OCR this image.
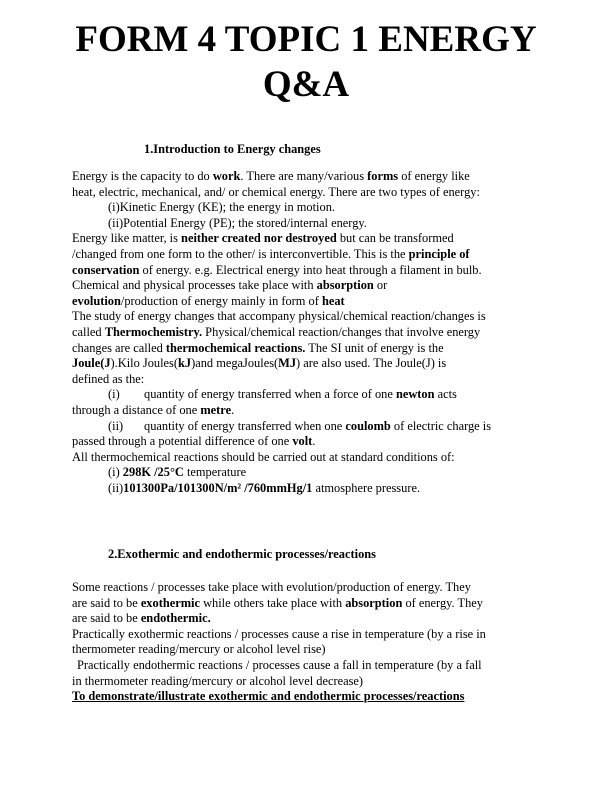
FORM 4 TOPIC 1 ENERGY
Q&A
1.Introduction to Energy changes
Energy is the capacity to do work. There are many/various forms of energy like
heat, electric, mechanical, and/ or chemical energy. There are two types of energy:
(i)Kinetic Energy (KE); the energy in motion.
(ii)Potential Energy (PE); the stored/internal energy.
Energy like matter, is neither created nor destroyed but can be transformed
/changed from one form to the other/ is interconvertible. This is the principle of
conservation of energy. e.g. Electrical energy into heat through a filament in bulb.
Chemical and physical processes take place with absorption or
evolution/production of energy mainly in form of heat
The study of energy changes that accompany physical/chemical reaction/changes is
called Thermochemistry. Physical/chemical reaction/changes that involve energy
changes are called thermochemical reactions. The SI unit of energy is the
Joule(J).Kilo Joules(kJ)and megaJoules(MJ) are also used. The Joule(J) is
defined as the:
(i) quantity of energy transferred when a force of one newton acts
through a distance of one metre.
(ii) quantity of energy transferred when one coulomb of electric charge is
passed through a potential difference of one volt.
All thermochemical reactions should be carried out at standard conditions of:
(i) 298K /25°C temperature
(ii)101300Pa/101300N/m² /760mmHg/1 atmosphere pressure.
2.Exothermic and endothermic processes/reactions
Some reactions / processes take place with evolution/production of energy. They
are said to be exothermic while others take place with absorption of energy. They
are said to be endothermic.
Practically exothermic reactions / processes cause a rise in temperature (by a rise in
thermometer reading/mercury or alcohol level rise)
Practically endothermic reactions / processes cause a fall in temperature (by a fall
in thermometer reading/mercury or alcohol level decrease)
To demonstrate/illustrate exothermic and endothermic processes/reactions
